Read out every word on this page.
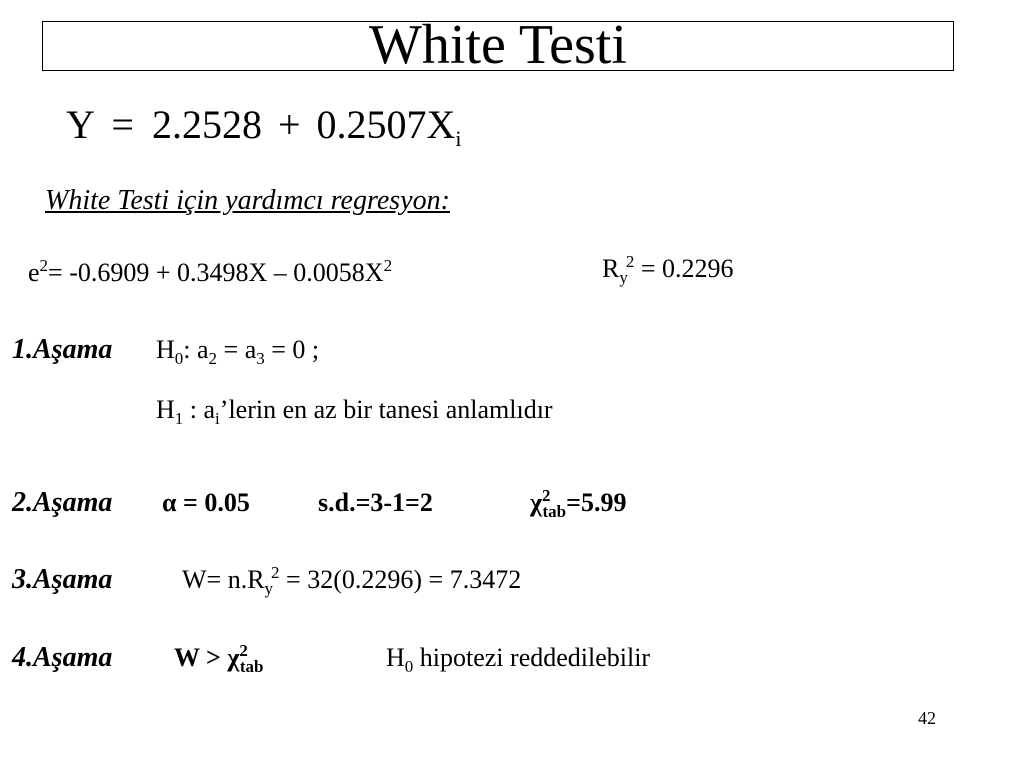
White Testi
$Y = 2.2528 + 0.2507X_i$
White Testi için yardımcı regresyon:
$e^2= -0.6909 + 0.3498X - 0.0058X^2$	$R_y^2 = 0.2296$
1.Aşama $H_0$: $a_2 = a_3 = 0$ ;
$H_1$ : $a_i’lerin$ en az bir tanesi anlamlıdır
2.Aşama α = 0.05	s.d.=3-1=2	$\chi^2_{tab}=5.99$
3.Aşama	$W= n.R_y^2 = 32(0.2296) = 7.3472$
4.Aşama $W > \chi^2_{tab}$	$H_0$ hipotezi reddedilebilir
42
